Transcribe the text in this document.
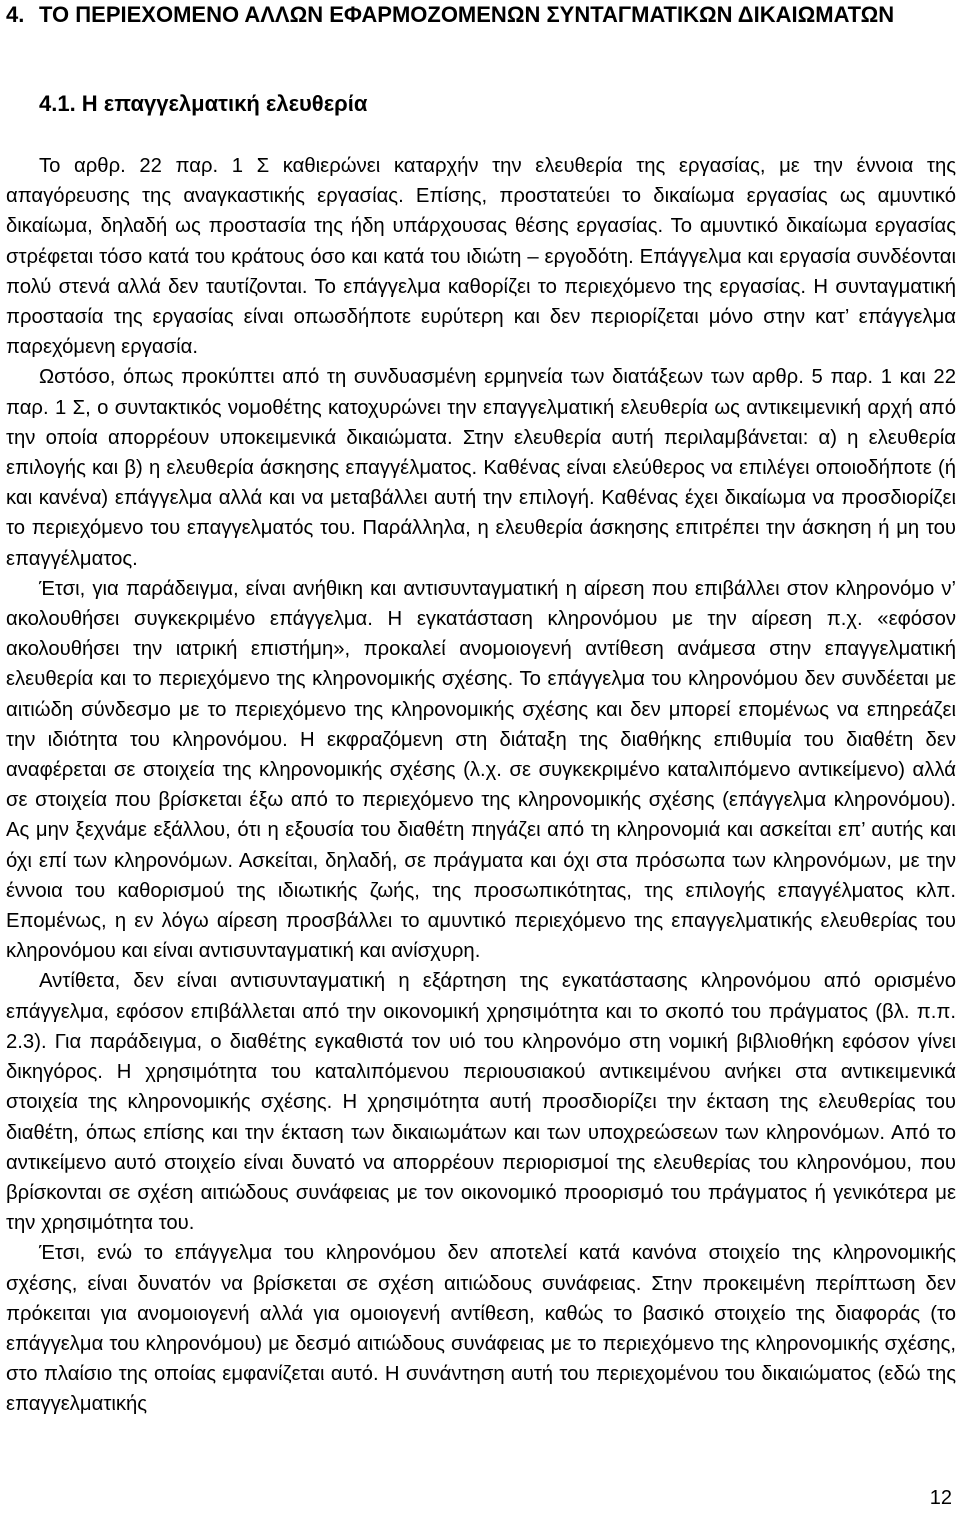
4. ΤΟ ΠΕΡΙΕΧΟΜΕΝΟ ΑΛΛΩΝ ΕΦΑΡΜΟΖΟΜΕΝΩΝ ΣΥΝΤΑΓΜΑΤΙΚΩΝ ΔΙΚΑΙΩΜΑΤΩΝ
4.1. Η επαγγελματική ελευθερία

Το αρθρ. 22 παρ. 1 Σ καθιερώνει καταρχήν την ελευθερία της εργασίας, με την έννοια της απαγόρευσης της αναγκαστικής εργασίας. Επίσης, προστατεύει το δικαίωμα εργασίας ως αμυντικό δικαίωμα, δηλαδή ως προστασία της ήδη υπάρχουσας θέσης εργασίας. Το αμυντικό δικαίωμα εργασίας στρέφεται τόσο κατά του κράτους όσο και κατά του ιδιώτη – εργοδότη. Επάγγελμα και εργασία συνδέονται πολύ στενά αλλά δεν ταυτίζονται. Το επάγγελμα καθορίζει το περιεχόμενο της εργασίας. Η συνταγματική προστασία της εργασίας είναι οπωσδήποτε ευρύτερη και δεν περιορίζεται μόνο στην κατ’ επάγγελμα παρεχόμενη εργασία.

Ωστόσο, όπως προκύπτει από τη συνδυασμένη ερμηνεία των διατάξεων των αρθρ. 5 παρ. 1 και 22 παρ. 1 Σ, ο συντακτικός νομοθέτης κατοχυρώνει την επαγγελματική ελευθερία ως αντικειμενική αρχή από την οποία απορρέουν υποκειμενικά δικαιώματα. Στην ελευθερία αυτή περιλαμβάνεται: α) η ελευθερία επιλογής και β) η ελευθερία άσκησης επαγγέλματος. Καθένας είναι ελεύθερος να επιλέγει οποιοδήποτε (ή και κανένα) επάγγελμα αλλά και να μεταβάλλει αυτή την επιλογή. Καθένας έχει δικαίωμα να προσδιορίζει το περιεχόμενο του επαγγελματός του. Παράλληλα, η ελευθερία άσκησης επιτρέπει την άσκηση ή μη του επαγγέλματος.

Έτσι, για παράδειγμα, είναι ανήθικη και αντισυνταγματική η αίρεση που επιβάλλει στον κληρονόμο ν’ ακολουθήσει συγκεκριμένο επάγγελμα. Η εγκατάσταση κληρονόμου με την αίρεση π.χ. «εφόσον ακολουθήσει την ιατρική επιστήμη», προκαλεί ανομοιογενή αντίθεση ανάμεσα στην επαγγελματική ελευθερία και το περιεχόμενο της κληρονομικής σχέσης. Το επάγγελμα του κληρονόμου δεν συνδέεται με αιτιώδη σύνδεσμο με το περιεχόμενο της κληρονομικής σχέσης και δεν μπορεί επομένως να επηρεάζει την ιδιότητα του κληρονόμου. Η εκφραζόμενη στη διάταξη της διαθήκης επιθυμία του διαθέτη δεν αναφέρεται σε στοιχεία της κληρονομικής σχέσης (λ.χ. σε συγκεκριμένο καταλιπόμενο αντικείμενο) αλλά σε στοιχεία που βρίσκεται έξω από το περιεχόμενο της κληρονομικής σχέσης (επάγγελμα κληρονόμου). Ας μην ξεχνάμε εξάλλου, ότι η εξουσία του διαθέτη πηγάζει από τη κληρονομιά και ασκείται επ’ αυτής και όχι επί των κληρονόμων. Ασκείται, δηλαδή, σε πράγματα και όχι στα πρόσωπα των κληρονόμων, με την έννοια του καθορισμού της ιδιωτικής ζωής, της προσωπικότητας, της επιλογής επαγγέλματος κλπ. Επομένως, η εν λόγω αίρεση προσβάλλει το αμυντικό περιεχόμενο της επαγγελματικής ελευθερίας του κληρονόμου και είναι αντισυνταγματική και ανίσχυρη.

Αντίθετα, δεν είναι αντισυνταγματική η εξάρτηση της εγκατάστασης κληρονόμου από ορισμένο επάγγελμα, εφόσον επιβάλλεται από την οικονομική χρησιμότητα και το σκοπό του πράγματος (βλ. π.π. 2.3). Για παράδειγμα, ο διαθέτης εγκαθιστά τον υιό του κληρονόμο στη νομική βιβλιοθήκη εφόσον γίνει δικηγόρος. Η χρησιμότητα του καταλιπόμενου περιουσιακού αντικειμένου ανήκει στα αντικειμενικά στοιχεία της κληρονομικής σχέσης. Η χρησιμότητα αυτή προσδιορίζει την έκταση της ελευθερίας του διαθέτη, όπως επίσης και την έκταση των δικαιωμάτων και των υποχρεώσεων των κληρονόμων. Από το αντικείμενο αυτό στοιχείο είναι δυνατό να απορρέουν περιορισμοί της ελευθερίας του κληρονόμου, που βρίσκονται σε σχέση αιτιώδους συνάφειας με τον οικονομικό προορισμό του πράγματος ή γενικότερα με την χρησιμότητα του.

Έτσι, ενώ το επάγγελμα του κληρονόμου δεν αποτελεί κατά κανόνα στοιχείο της κληρονομικής σχέσης, είναι δυνατόν να βρίσκεται σε σχέση αιτιώδους συνάφειας. Στην προκειμένη περίπτωση δεν πρόκειται για ανομοιογενή αλλά για ομοιογενή αντίθεση, καθώς το βασικό στοιχείο της διαφοράς (το επάγγελμα του κληρονόμου) με δεσμό αιτιώδους συνάφειας με το περιεχόμενο της κληρονομικής σχέσης, στο πλαίσιο της οποίας εμφανίζεται αυτό. Η συνάντηση αυτή του περιεχομένου του δικαιώματος (εδώ της επαγγελματικής

12
